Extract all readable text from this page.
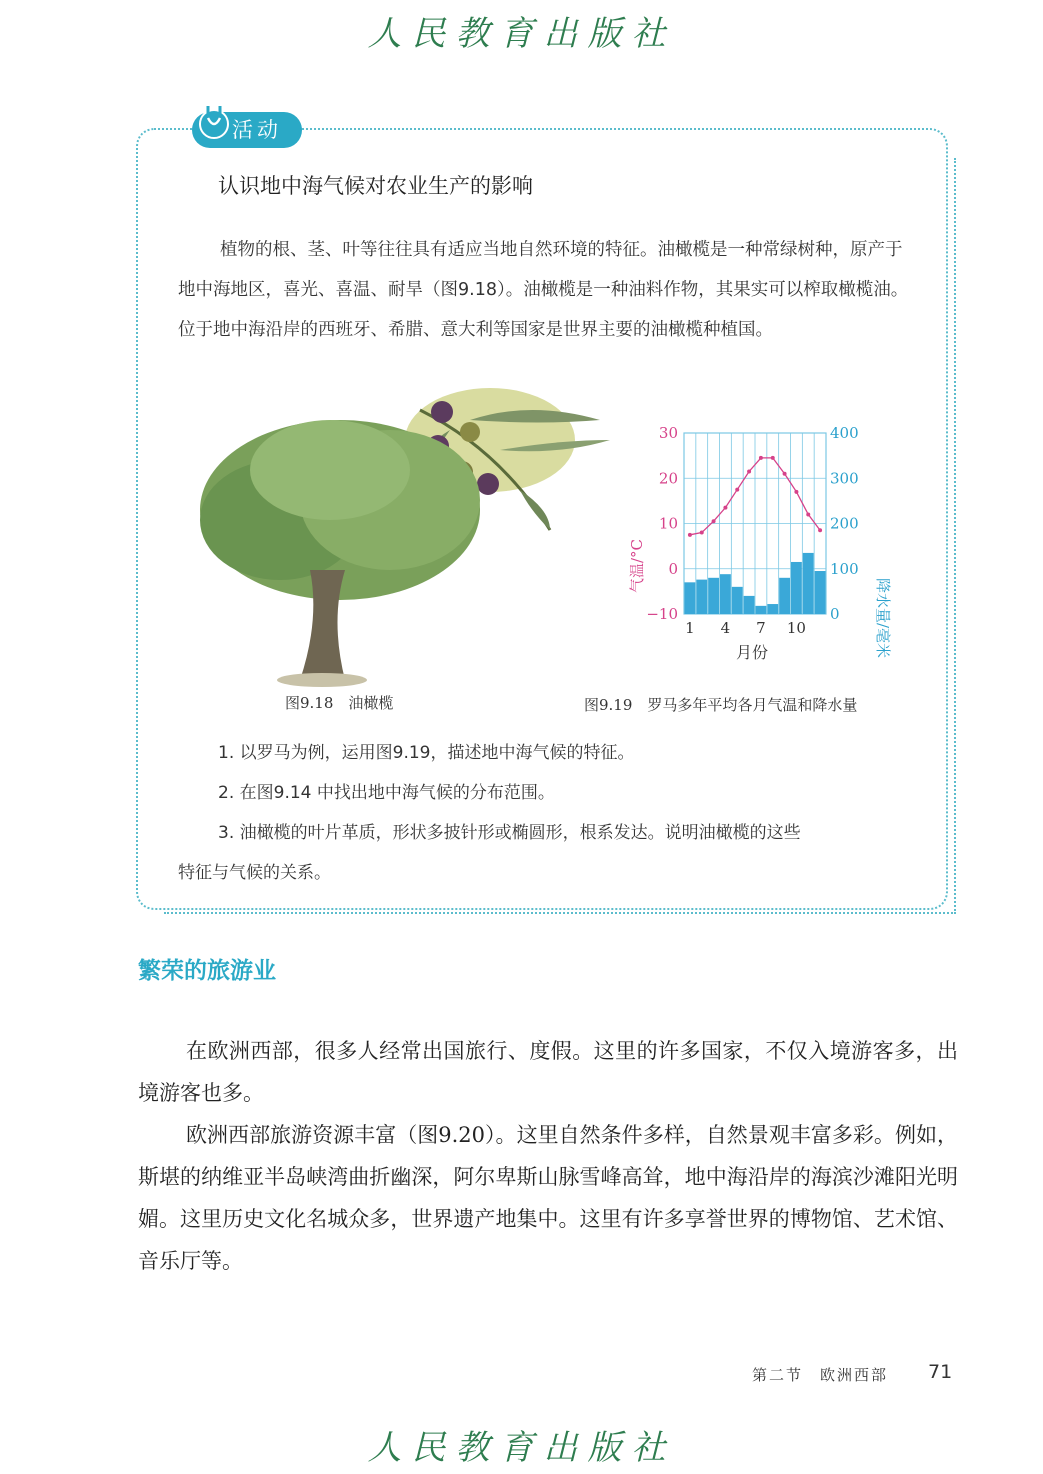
人民教育出版社
活动
认识地中海气候对农业生产的影响
植物的根、茎、叶等往往具有适应当地自然环境的特征。油橄榄是一种常绿树种，原产于地中海地区，喜光、喜温、耐旱（图9.18）。油橄榄是一种油料作物，其果实可以榨取橄榄油。位于地中海沿岸的西班牙、希腊、意大利等国家是世界主要的油橄榄种植国。
图9.18　油橄榄
−10
0
10
20
30
0
100
200
300
400
1 4 7 10
气温/°C
降水量/毫米
月份
图9.19　罗马多年平均各月气温和降水量
1. 以罗马为例，运用图9.19，描述地中海气候的特征。
2. 在图9.14 中找出地中海气候的分布范围。
3. 油橄榄的叶片革质，形状多披针形或椭圆形，根系发达。说明油橄榄的这些
特征与气候的关系。
繁荣的旅游业
在欧洲西部，很多人经常出国旅行、度假。这里的许多国家，不仅入境游客多，出境游客也多。
欧洲西部旅游资源丰富（图9.20）。这里自然条件多样，自然景观丰富多彩。例如，斯堪的纳维亚半岛峡湾曲折幽深，阿尔卑斯山脉雪峰高耸，地中海沿岸的海滨沙滩阳光明媚。这里历史文化名城众多，世界遗产地集中。这里有许多享誉世界的博物馆、艺术馆、音乐厅等。
第二节　欧洲西部 71
人民教育出版社
